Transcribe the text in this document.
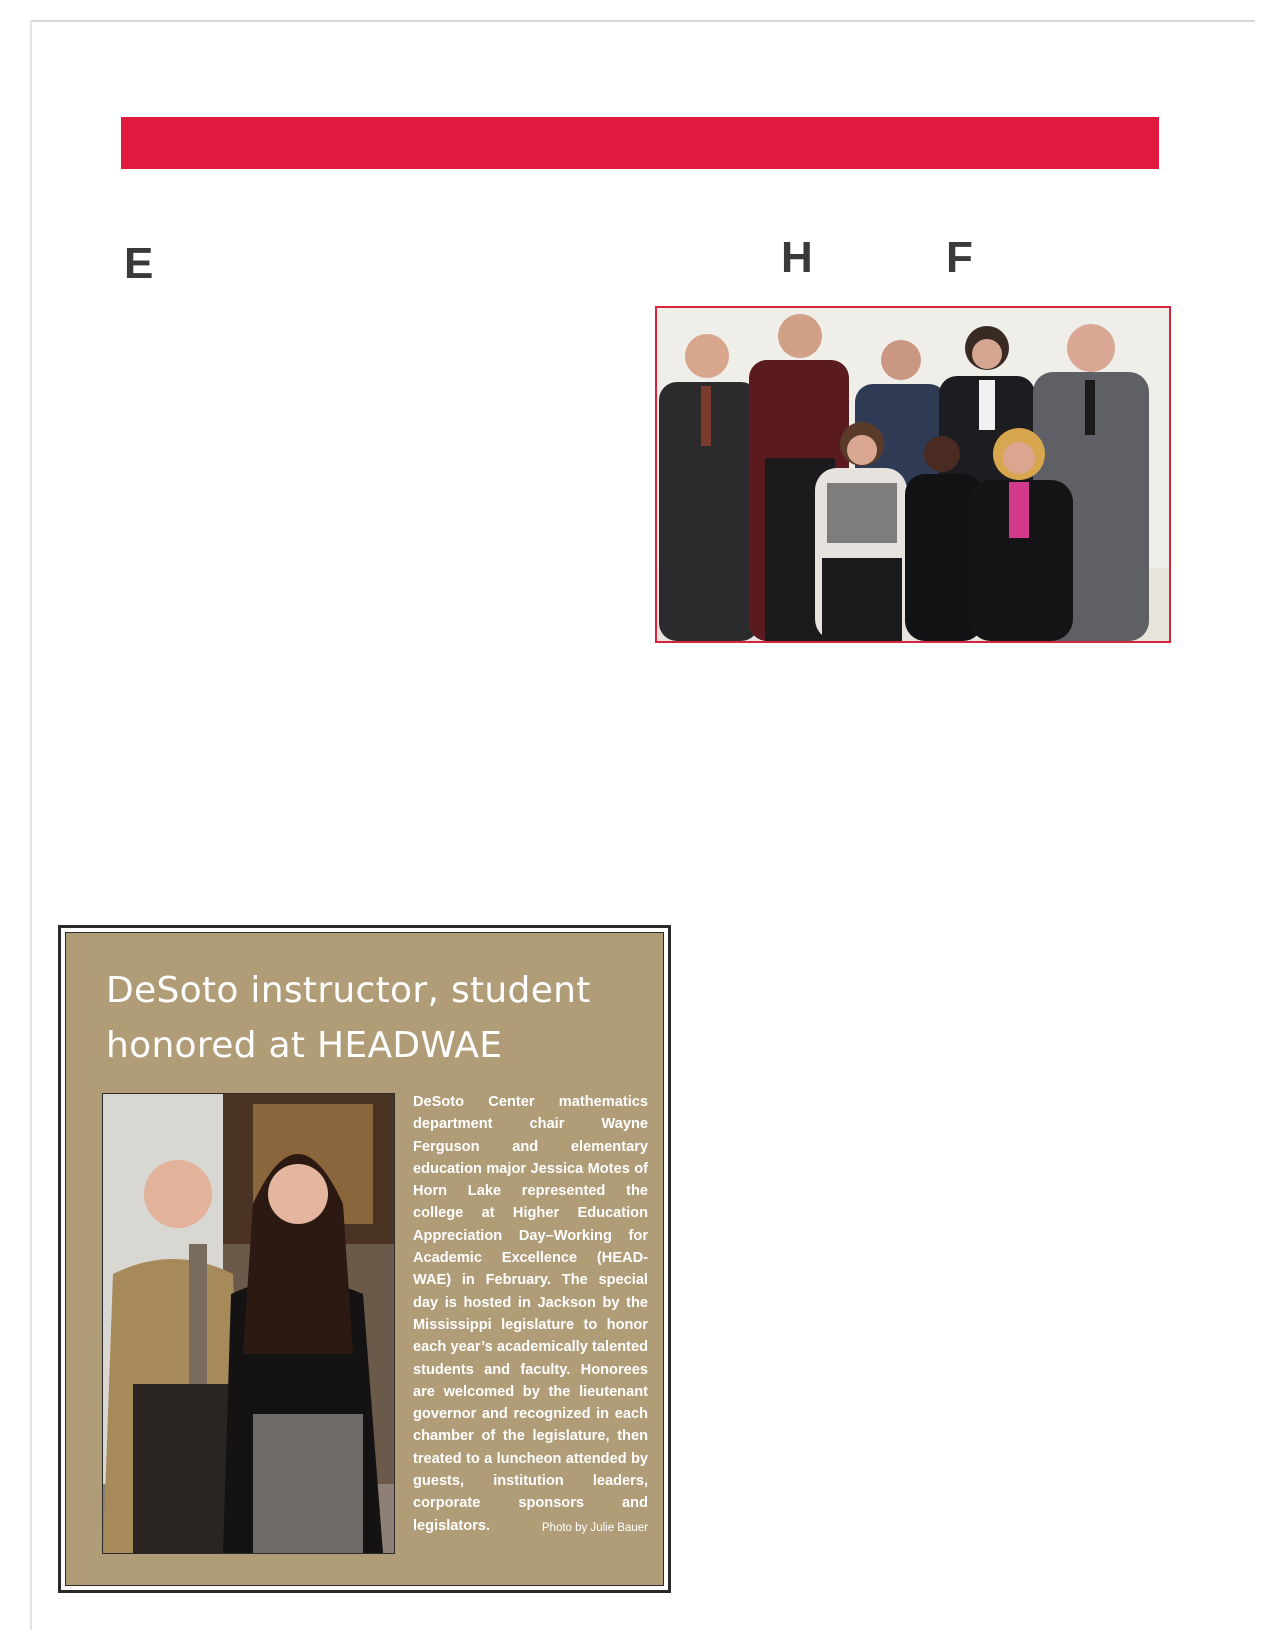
E	H	F
DeSoto instructor, student
honored at HEADWAE

DeSoto Center mathematics department chair Wayne Ferguson and elementary education major Jessica Motes of Horn Lake represented the college at Higher Education Appreciation Day–Working for Academic Excellence (HEAD-WAE) in February. The special day is hosted in Jackson by the Mississippi legislature to honor each year’s academically talented students and faculty. Honorees are welcomed by the lieutenant governor and recognized in each chamber of the legislature, then treated to a luncheon attended by guests, institution leaders, corporate sponsors and legislators.	Photo by Julie Bauer
